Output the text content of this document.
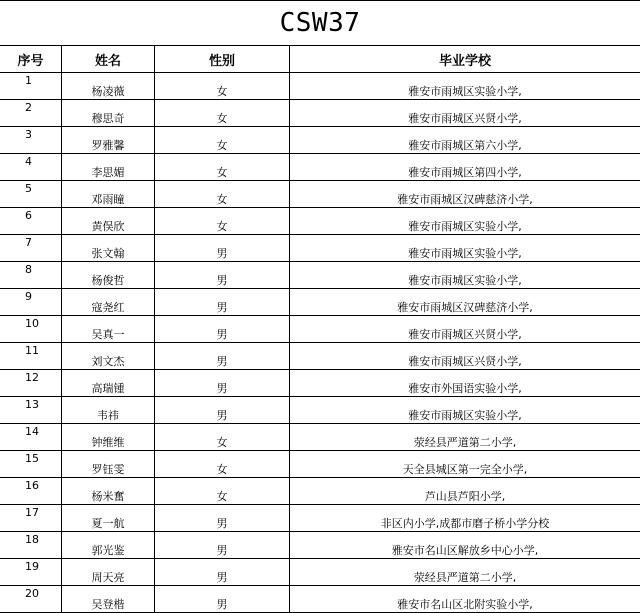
CSW37			
序号	姓名	性别	毕业学校
1	杨凌薇	女	雅安市雨城区实验小学,
2	穆思奇	女	雅安市雨城区兴贤小学,
3	罗雅馨	女	雅安市雨城区第六小学,
4	李思媚	女	雅安市雨城区第四小学,
5	邓雨瞳	女	雅安市雨城区汉碑慈济小学,
6	黄俣欣	女	雅安市雨城区实验小学,
7	张文翰	男	雅安市雨城区实验小学,
8	杨俊哲	男	雅安市雨城区实验小学,
9	寇尧红	男	雅安市雨城区汉碑慈济小学,
10	吴真一	男	雅安市雨城区兴贤小学,
11	刘文杰	男	雅安市雨城区兴贤小学,
12	高瑞锺	男	雅安市外国语实验小学,
13	韦祎	男	雅安市雨城区实验小学,
14	钟维维	女	荥经县严道第二小学,
15	罗钰雯	女	天全县城区第一完全小学,
16	杨米奮	女	芦山县芦阳小学,
17	夏一航	男	非区内小学,成都市磨子桥小学分校
18	郭光鉴	男	雅安市名山区解放乡中心小学,
19	周天亮	男	荥经县严道第二小学,
20	吴登楷	男	雅安市名山区北附实验小学,
